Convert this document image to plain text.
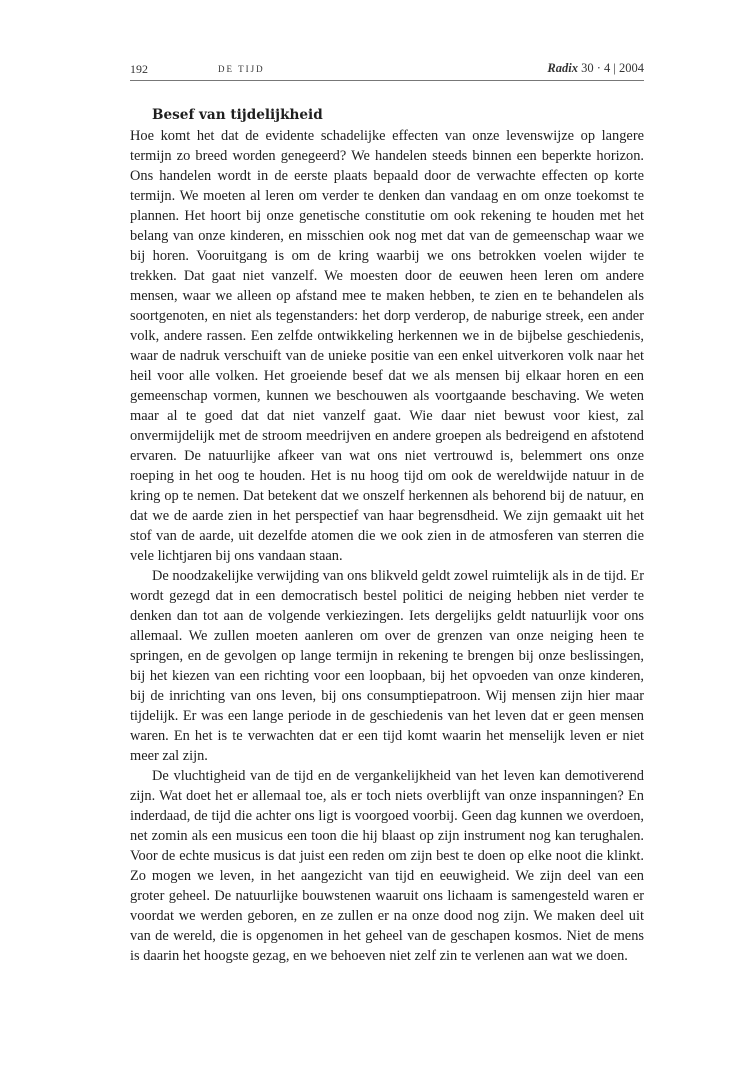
192	DE TIJD	Radix 30 · 4 | 2004
Besef van tijdelijkheid

Hoe komt het dat de evidente schadelijke effecten van onze levenswijze op langere termijn zo breed worden genegeerd? We handelen steeds binnen een beperkte horizon. Ons handelen wordt in de eerste plaats bepaald door de verwachte effecten op korte termijn. We moeten al leren om verder te denken dan vandaag en om onze toekomst te plannen. Het hoort bij onze genetische constitutie om ook rekening te houden met het belang van onze kinderen, en misschien ook nog met dat van de gemeenschap waar we bij horen. Vooruitgang is om de kring waarbij we ons betrokken voelen wijder te trekken. Dat gaat niet vanzelf. We moesten door de eeuwen heen leren om andere mensen, waar we alleen op afstand mee te maken hebben, te zien en te behandelen als soortgenoten, en niet als tegenstanders: het dorp verderop, de naburige streek, een ander volk, andere rassen. Een zelfde ontwikkeling herkennen we in de bijbelse geschiedenis, waar de nadruk verschuift van de unieke positie van een enkel uitverkoren volk naar het heil voor alle volken. Het groeiende besef dat we als mensen bij elkaar horen en een gemeenschap vormen, kunnen we beschouwen als voortgaande beschaving. We weten maar al te goed dat dat niet vanzelf gaat. Wie daar niet bewust voor kiest, zal onvermijdelijk met de stroom meedrijven en andere groepen als bedreigend en afstotend ervaren. De natuurlijke afkeer van wat ons niet vertrouwd is, belemmert ons onze roeping in het oog te houden. Het is nu hoog tijd om ook de wereldwijde natuur in de kring op te nemen. Dat betekent dat we onszelf herkennen als behorend bij de natuur, en dat we de aarde zien in het perspectief van haar begrensdheid. We zijn gemaakt uit het stof van de aarde, uit dezelfde atomen die we ook zien in de atmosferen van sterren die vele lichtjaren bij ons vandaan staan.

De noodzakelijke verwijding van ons blikveld geldt zowel ruimtelijk als in de tijd. Er wordt gezegd dat in een democratisch bestel politici de neiging hebben niet verder te denken dan tot aan de volgende verkiezingen. Iets dergelijks geldt natuurlijk voor ons allemaal. We zullen moeten aanleren om over de grenzen van onze neiging heen te springen, en de gevolgen op lange termijn in rekening te brengen bij onze beslissingen, bij het kiezen van een richting voor een loopbaan, bij het opvoeden van onze kinderen, bij de inrichting van ons leven, bij ons consumptiepatroon. Wij mensen zijn hier maar tijdelijk. Er was een lange periode in de geschiedenis van het leven dat er geen mensen waren. En het is te verwachten dat er een tijd komt waarin het menselijk leven er niet meer zal zijn.

De vluchtigheid van de tijd en de vergankelijkheid van het leven kan demotiverend zijn. Wat doet het er allemaal toe, als er toch niets overblijft van onze inspanningen? En inderdaad, de tijd die achter ons ligt is voorgoed voorbij. Geen dag kunnen we overdoen, net zomin als een musicus een toon die hij blaast op zijn instrument nog kan terughalen. Voor de echte musicus is dat juist een reden om zijn best te doen op elke noot die klinkt. Zo mogen we leven, in het aangezicht van tijd en eeuwigheid. We zijn deel van een groter geheel. De natuurlijke bouwstenen waaruit ons lichaam is samengesteld waren er voordat we werden geboren, en ze zullen er na onze dood nog zijn. We maken deel uit van de wereld, die is opgenomen in het geheel van de geschapen kosmos. Niet de mens is daarin het hoogste gezag, en we behoeven niet zelf zin te verlenen aan wat we doen.
